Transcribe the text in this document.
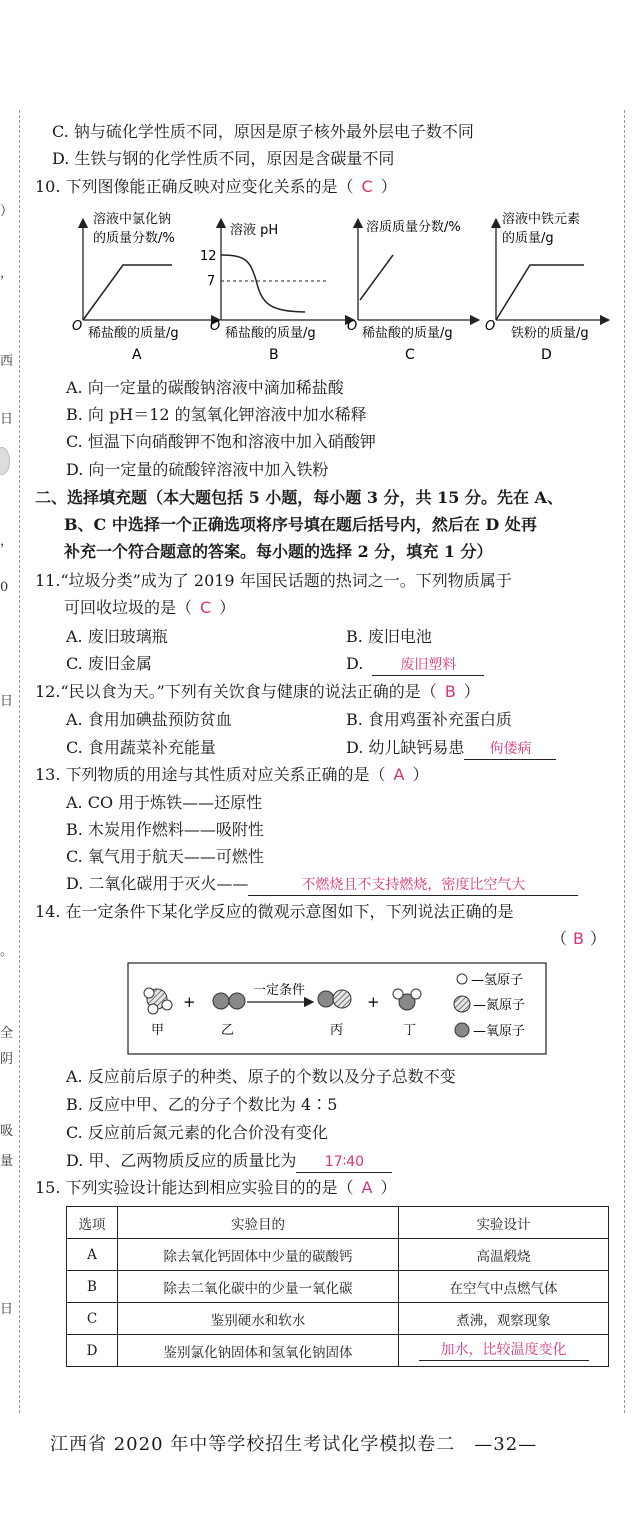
）
，
西
日
，
0
日
。
全
阴
吸
量
日
C. 钠与硫化学性质不同，原因是原子核外最外层电子数不同
D. 生铁与钢的化学性质不同，原因是含碳量不同
10. 下列图像能正确反映对应变化关系的是（ C ）
溶液中氯化钠
的质量分数/%
O 稀盐酸的质量/g
A
溶液 pH
12
7
O 稀盐酸的质量/g
B
溶质质量分数/%
O 稀盐酸的质量/g
C
溶液中铁元素
的质量/g
O 铁粉的质量/g
D
A. 向一定量的碳酸钠溶液中滴加稀盐酸
B. 向 pH＝12 的氢氧化钾溶液中加水稀释
C. 恒温下向硝酸钾不饱和溶液中加入硝酸钾
D. 向一定量的硫酸锌溶液中加入铁粉
二、选择填充题（本大题包括 5 小题，每小题 3 分，共 15 分。先在 A、
B、C 中选择一个正确选项将序号填在题后括号内，然后在 D 处再
补充一个符合题意的答案。每小题的选择 2 分，填充 1 分）
11.“垃圾分类”成为了 2019 年国民话题的热词之一。下列物质属于
可回收垃圾的是（ C ）
A. 废旧玻璃瓶	B. 废旧电池
C. 废旧金属	D.	废旧塑料
12.“民以食为天。”下列有关饮食与健康的说法正确的是（ B ）
A. 食用加碘盐预防贫血	B. 食用鸡蛋补充蛋白质
C. 食用蔬菜补充能量	D. 幼儿缺钙易患 佝偻病
13. 下列物质的用途与其性质对应关系正确的是（ A ）
A. CO 用于炼铁——还原性
B. 木炭用作燃料——吸附性
C. 氧气用于航天——可燃性
D. 二氧化碳用于灭火——	不燃烧且不支持燃烧，密度比空气大
14. 在一定条件下某化学反应的微观示意图如下，下列说法正确的是
（ B ）
甲
+
乙
一定条件
丙
+
丁
—氢原子
—氮原子
—氧原子
A. 反应前后原子的种类、原子的个数以及分子总数不变
B. 反应中甲、乙的分子个数比为 4∶5
C. 反应前后氮元素的化合价没有变化
D. 甲、乙两物质反应的质量比为 17∶40
15. 下列实验设计能达到相应实验目的的是（ A ）
选项	实验目的	实验设计
A	除去氧化钙固体中少量的碳酸钙	高温煅烧
B	除去二氧化碳中的少量一氧化碳	在空气中点燃气体
C	鉴别硬水和软水	煮沸，观察现象
D	鉴别氯化钠固体和氢氧化钠固体	加水，比较温度变化
江西省 2020 年中等学校招生考试化学模拟卷二　—32—
